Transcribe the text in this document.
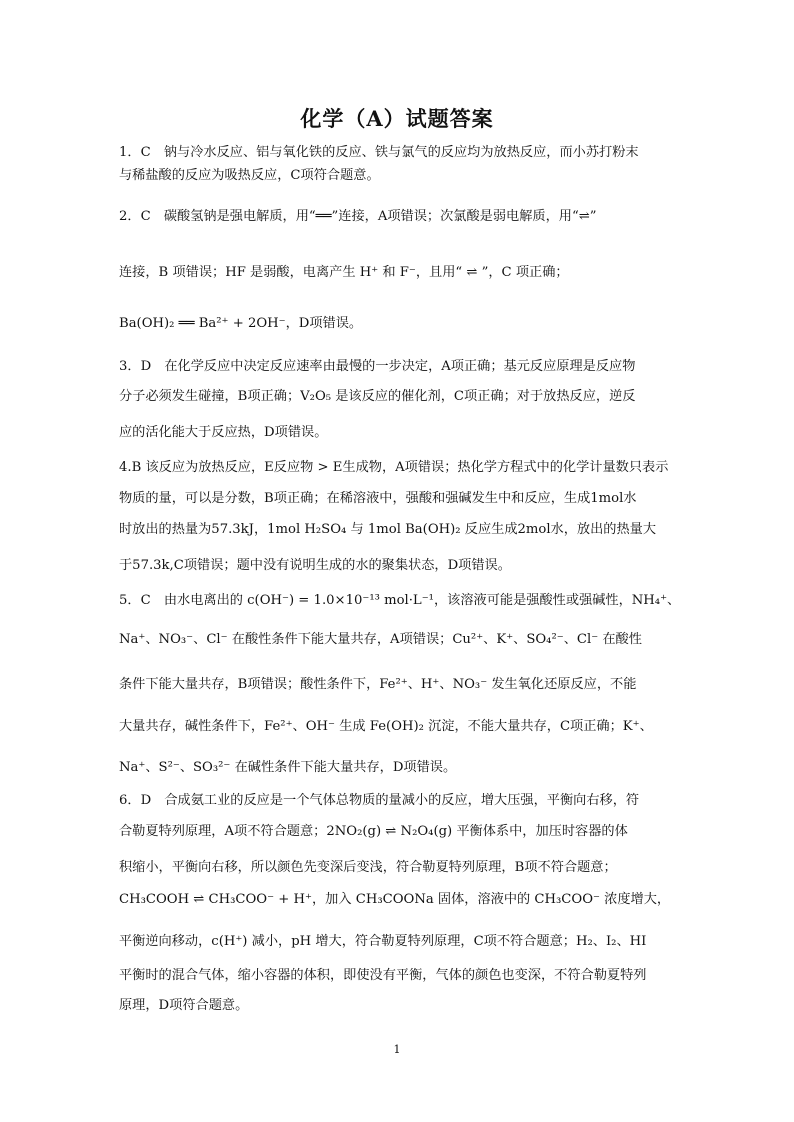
化学（A）试题答案
1．C　钠与冷水反应、铝与氧化铁的反应、铁与氯气的反应均为放热反应，而小苏打粉末
与稀盐酸的反应为吸热反应，C项符合题意。
2．C　碳酸氢钠是强电解质，用“══”连接，A项错误；次氯酸是弱电解质，用“⇌”
连接，B 项错误；HF 是弱酸，电离产生 H⁺ 和 F⁻，且用“ ⇌ ”，C 项正确；
Ba(OH)₂ ══ Ba²⁺ + 2OH⁻，D项错误。
3．D　在化学反应中决定反应速率由最慢的一步决定，A项正确；基元反应原理是反应物
分子必须发生碰撞，B项正确；V₂O₅ 是该反应的催化剂，C项正确；对于放热反应，逆反
应的活化能大于反应热，D项错误。
4.B 该反应为放热反应，E反应物 > E生成物，A项错误；热化学方程式中的化学计量数只表示
物质的量，可以是分数，B项正确；在稀溶液中，强酸和强碱发生中和反应，生成1mol水
时放出的热量为57.3kJ，1mol H₂SO₄ 与 1mol Ba(OH)₂ 反应生成2mol水，放出的热量大
于57.3k,C项错误；题中没有说明生成的水的聚集状态，D项错误。
5．C　由水电离出的 c(OH⁻) = 1.0×10⁻¹³ mol·L⁻¹，该溶液可能是强酸性或强碱性，NH₄⁺、
Na⁺、NO₃⁻、Cl⁻ 在酸性条件下能大量共存，A项错误；Cu²⁺、K⁺、SO₄²⁻、Cl⁻ 在酸性
条件下能大量共存，B项错误；酸性条件下，Fe²⁺、H⁺、NO₃⁻ 发生氧化还原反应，不能
大量共存，碱性条件下，Fe²⁺、OH⁻ 生成 Fe(OH)₂ 沉淀，不能大量共存，C项正确；K⁺、
Na⁺、S²⁻、SO₃²⁻ 在碱性条件下能大量共存，D项错误。
6．D　合成氨工业的反应是一个气体总物质的量减小的反应，增大压强，平衡向右移，符
合勒夏特列原理，A项不符合题意；2NO₂(g) ⇌ N₂O₄(g) 平衡体系中，加压时容器的体
积缩小，平衡向右移，所以颜色先变深后变浅，符合勒夏特列原理，B项不符合题意；
CH₃COOH ⇌ CH₃COO⁻ + H⁺，加入 CH₃COONa 固体，溶液中的 CH₃COO⁻ 浓度增大，
平衡逆向移动，c(H⁺) 减小，pH 增大，符合勒夏特列原理，C项不符合题意；H₂、I₂、HI
平衡时的混合气体，缩小容器的体积，即使没有平衡，气体的颜色也变深，不符合勒夏特列
原理，D项符合题意。
1
